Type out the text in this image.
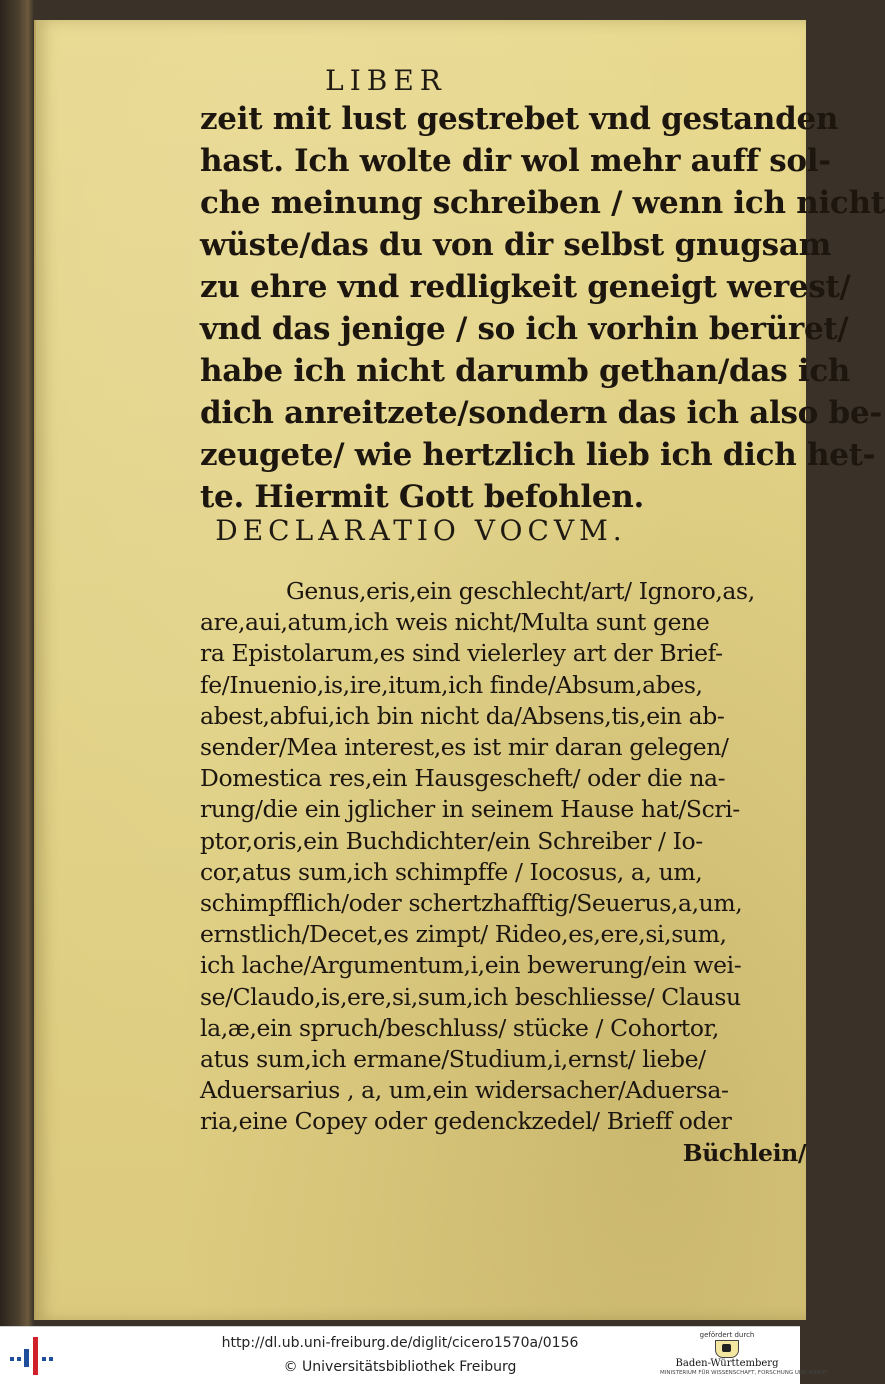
LIBER
zeit mit lust gestrebet vnd gestanden
hast. Ich wolte dir wol mehr auff sol-
che meinung schreiben / wenn ich nicht
wüste/das du von dir selbst gnugsam
zu ehre vnd redligkeit geneigt werest/
vnd das jenige / so ich vorhin berüret/
habe ich nicht darumb gethan/das ich
dich anreitzete/sondern das ich also be-
zeugete/ wie hertzlich lieb ich dich het-
te. Hiermit Gott befohlen.
DECLARATIO VOCVM.
Genus,eris,ein geschlecht/art/ Ignoro,as,
are,aui,atum,ich weis nicht/Multa sunt gene
ra Epistolarum,es sind vielerley art der Brief-
fe/Inuenio,is,ire,itum,ich finde/Absum,abes,
abest,abfui,ich bin nicht da/Absens,tis,ein ab-
sender/Mea interest,es ist mir daran gelegen/
Domestica res,ein Hausgescheft/ oder die na-
rung/die ein jglicher in seinem Hause hat/Scri-
ptor,oris,ein Buchdichter/ein Schreiber / Io-
cor,atus sum,ich schimpffe / Iocosus, a, um,
schimpfflich/oder schertzhafftig/Seuerus,a,um,
ernstlich/Decet,es zimpt/ Rideo,es,ere,si,sum,
ich lache/Argumentum,i,ein bewerung/ein wei-
se/Claudo,is,ere,si,sum,ich beschliesse/ Clausu
la,æ,ein spruch/beschluss/ stücke / Cohortor,
atus sum,ich ermane/Studium,i,ernst/ liebe/
Aduersarius , a, um,ein widersacher/Aduersa-
ria,eine Copey oder gedenckzedel/ Brieff oder
Büchlein/
http://dl.ub.uni-freiburg.de/diglit/cicero1570a/0156
© Universitätsbibliothek Freiburg
gefördert durch
Baden-Württemberg
MINISTERIUM FÜR WISSENSCHAFT, FORSCHUNG UND KUNST
